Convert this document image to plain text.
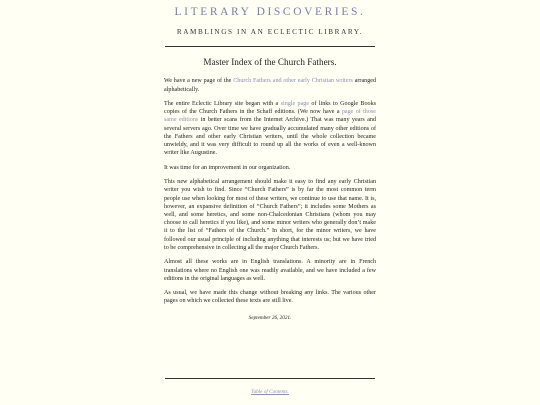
LITERARY DISCOVERIES.
RAMBLINGS IN AN ECLECTIC LIBRARY.
Master Index of the Church Fathers.

We have a new page of the Church Fathers and other early Christian writers arranged alphabetically.

The entire Eclectic Library site began with a single page of links to Google Books copies of the Church Fathers in the Schaff editions. (We now have a page of those same editions in better scans from the Internet Archive.) That was many years and several servers ago. Over time we have gradually accumulated many other editions of the Fathers and other early Christian writers, until the whole collection became unwieldy, and it was very difficult to round up all the works of even a well-known writer like Augustine.

It was time for an improvement in our organization.

This new alphabetical arrangement should make it easy to find any early Christian writer you wish to find. Since “Church Fathers” is by far the most common term people use when looking for most of these writers, we continue to use that name. It is, however, an expansive definition of “Church Fathers”; it includes some Mothers as well, and some heretics, and some non-Chalcedonian Christians (whom you may choose to call heretics if you like), and some minor writers who generally don’t make it to the list of “Fathers of the Church.” In short, for the minor writers, we have followed our usual principle of including anything that interests us; but we have tried to be comprehensive in collecting all the major Church Fathers.

Almost all these works are in English translations. A minority are in French translations where no English one was readily available, and we have included a few editions in the original languages as well.

As usual, we have made this change without breaking any links. The various other pages on which we collected these texts are still live.

September 26, 2021.

Table of Contents.
